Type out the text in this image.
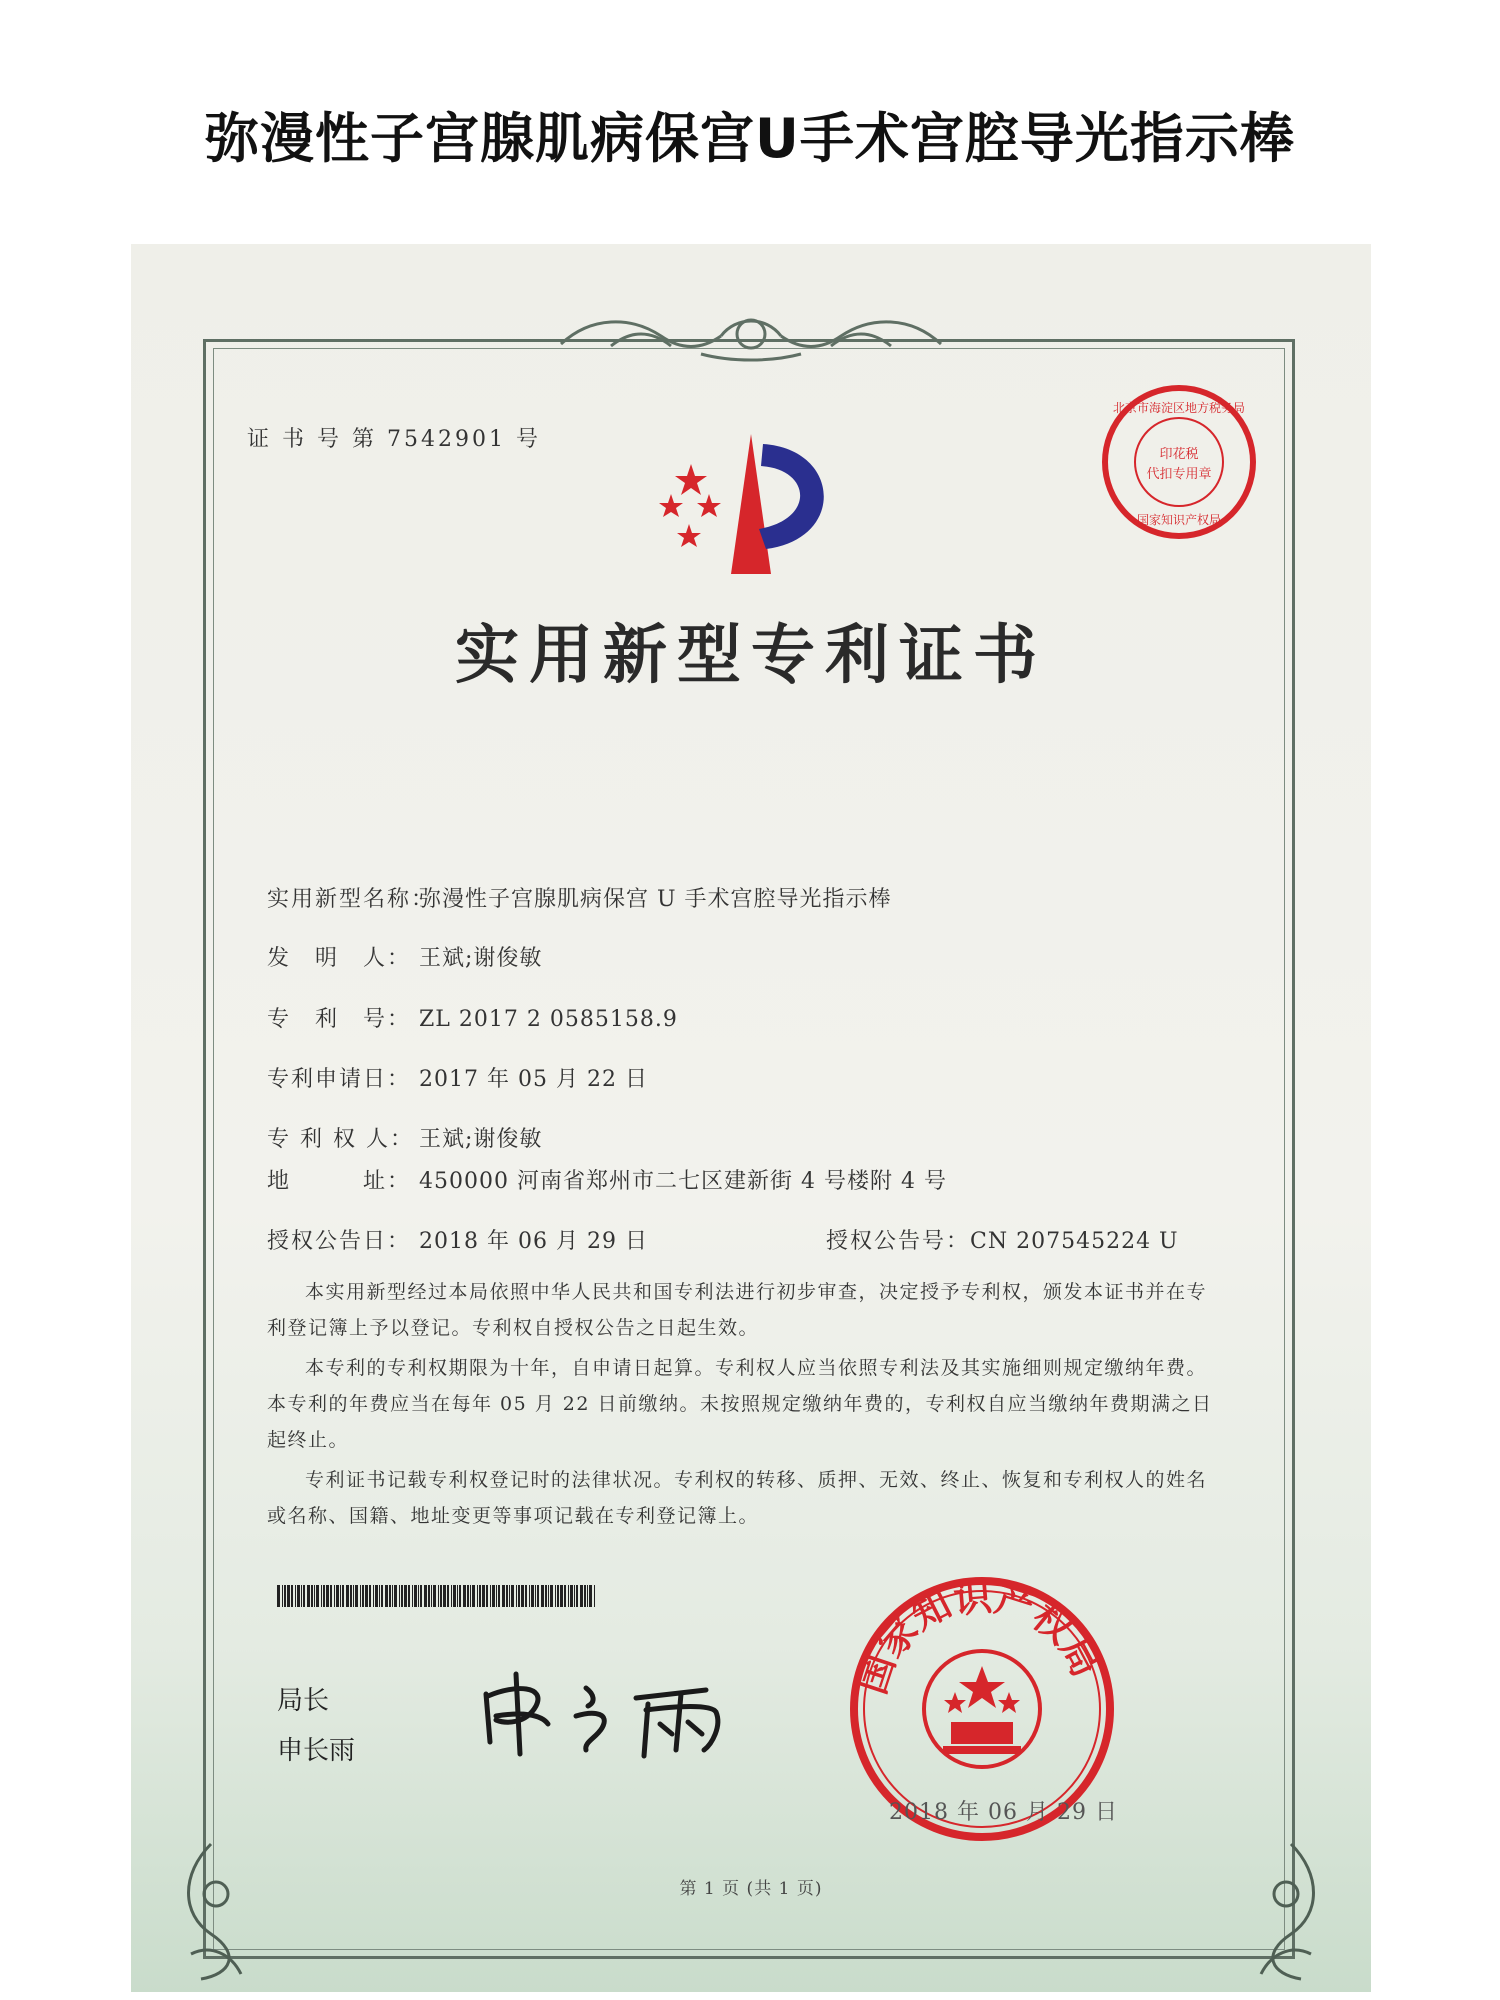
弥漫性子宫腺肌病保宫U手术宫腔导光指示棒
证 书 号 第 7542901 号
北京市海淀区地方税务局
印花税
代扣专用章
国家知识产权局
实用新型专利证书
实用新型名称：弥漫性子宫腺肌病保宫 U 手术宫腔导光指示棒
发　明　人： 王斌;谢俊敏
专　利　号： ZL 2017 2 0585158.9
专利申请日： 2017 年 05 月 22 日
专 利 权 人： 王斌;谢俊敏
地　　　址： 450000 河南省郑州市二七区建新街 4 号楼附 4 号
授权公告日： 2018 年 06 月 29 日	授权公告号：CN 207545224 U
本实用新型经过本局依照中华人民共和国专利法进行初步审查，决定授予专利权，颁发本证书并在专利登记簿上予以登记。专利权自授权公告之日起生效。
本专利的专利权期限为十年，自申请日起算。专利权人应当依照专利法及其实施细则规定缴纳年费。本专利的年费应当在每年 05 月 22 日前缴纳。未按照规定缴纳年费的，专利权自应当缴纳年费期满之日起终止。
专利证书记载专利权登记时的法律状况。专利权的转移、质押、无效、终止、恢复和专利权人的姓名或名称、国籍、地址变更等事项记载在专利登记簿上。
局长
申长雨
国家知识产权局
2018 年 06 月 29 日
第 1 页 (共 1 页)
